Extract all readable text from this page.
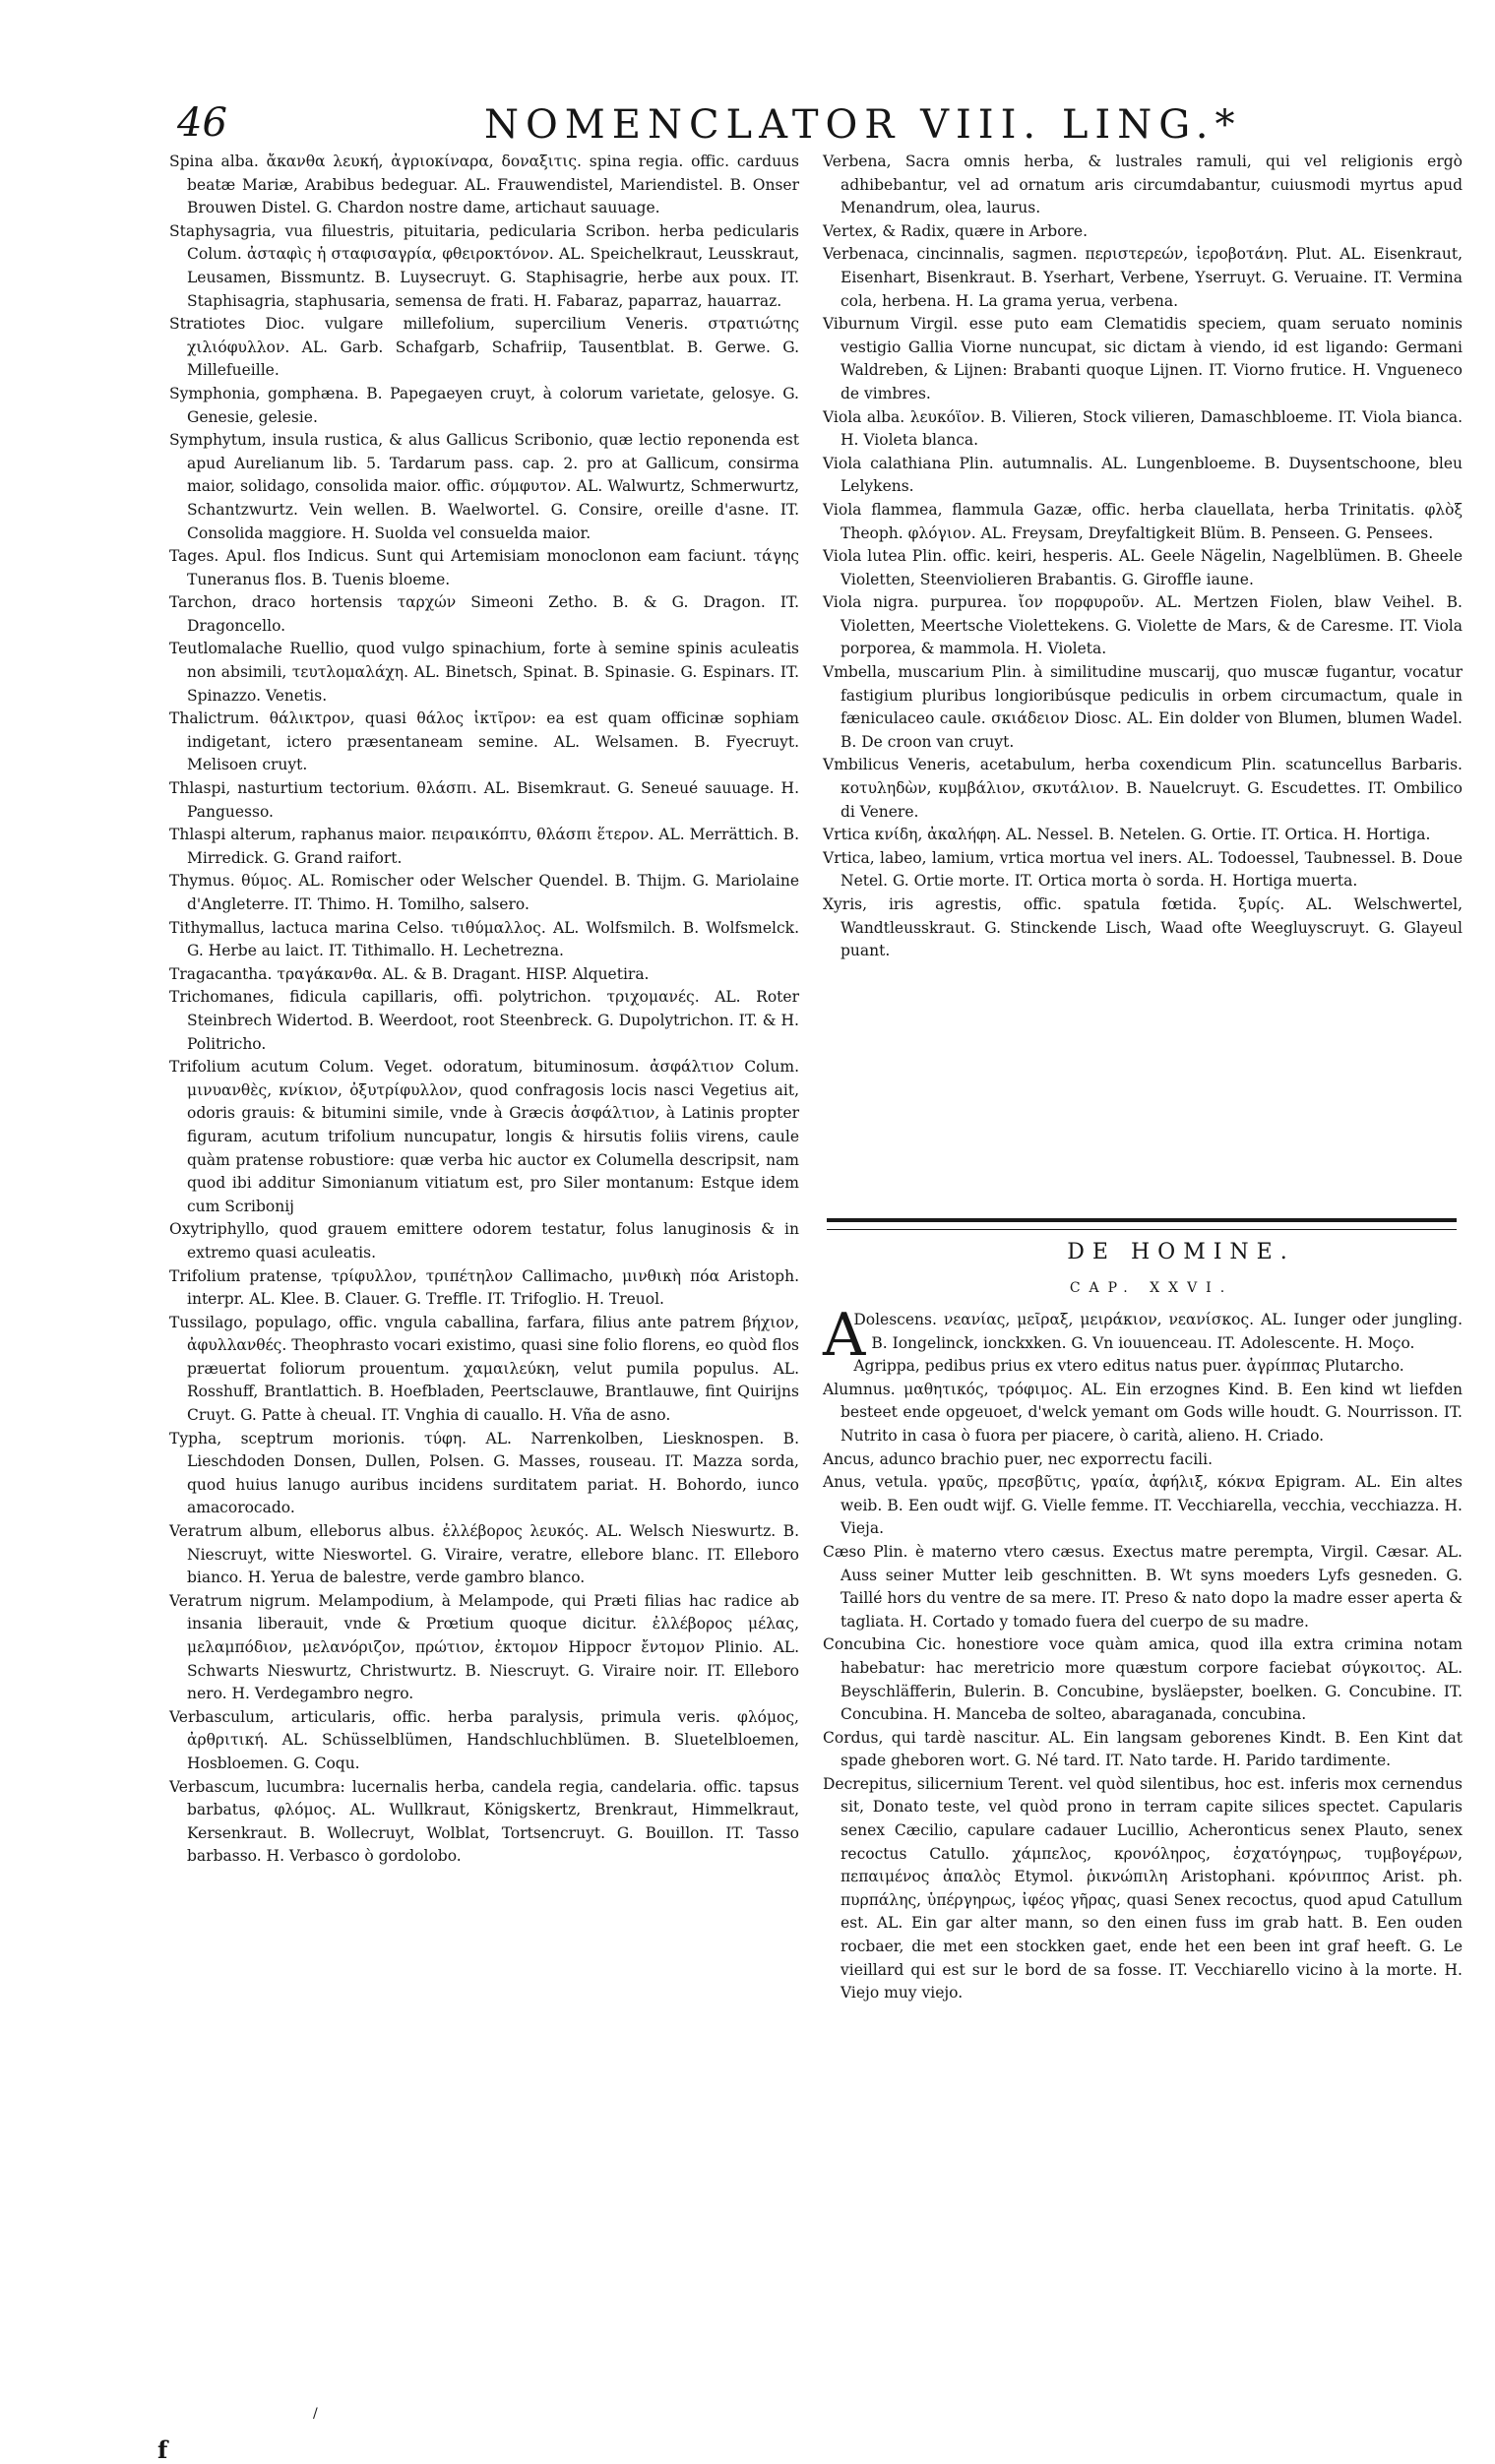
46	NOMENCLATOR VIII. LING.*

Spina alba. ἄκανθα λευκή, ἀγριοκίναρα, δοναξιτις. spina regia. offic. carduus beatæ Mariæ, Arabibus bedeguar. AL. Frauwendistel, Mariendistel. B. Onser Brouwen Distel. G. Chardon nostre dame, artichaut sauuage.

Staphysagria, vua filuestris, pituitaria, pedicularia Scribon. herba pedicularis Colum. ἀσταφὶς ἡ σταφισαγρία, φθειροκτόνον. AL. Speichelkraut, Leusskraut, Leusamen, Bissmuntz. B. Luysecruyt. G. Staphisagrie, herbe aux poux. IT. Staphisagria, staphusaria, semensa de frati. H. Fabaraz, paparraz, hauarraz.

Stratiotes Dioc. vulgare millefolium, supercilium Veneris. στρατιώτης χιλιόφυλλον. AL. Garb. Schafgarb, Schafriip, Tausentblat. B. Gerwe. G. Millefueille.

Symphonia, gomphæna. B. Papegaeyen cruyt, à colorum varietate, gelosye. G. Genesie, gelesie.

Symphytum, insula rustica, & alus Gallicus Scribonio, quæ lectio reponenda est apud Aurelianum lib. 5. Tardarum pass. cap. 2. pro at Gallicum, consirma maior, solidago, consolida maior. offic. σύμφυτον. AL. Walwurtz, Schmerwurtz, Schantzwurtz. Vein wellen. B. Waelwortel. G. Consire, oreille d'asne. IT. Consolida maggiore. H. Suolda vel consuelda maior.

Tages. Apul. flos Indicus. Sunt qui Artemisiam monoclonon eam faciunt. τάγης Tuneranus flos. B. Tuenis bloeme.

Tarchon, draco hortensis ταρχών Simeoni Zetho. B. & G. Dragon. IT. Dragoncello.

Teutlomalache Ruellio, quod vulgo spinachium, forte à semine spinis aculeatis non absimili, τευτλομαλάχη. AL. Binetsch, Spinat. B. Spinasie. G. Espinars. IT. Spinazzo. Venetis.

Thalictrum. θάλικτρον, quasi θάλος ἰκτῖρον: ea est quam officinæ sophiam indigetant, ictero præsentaneam semine. AL. Welsamen. B. Fyecruyt. Melisoen cruyt.

Thlaspi, nasturtium tectorium. θλάσπι. AL. Bisemkraut. G. Seneué sauuage. H. Panguesso.

Thlaspi alterum, raphanus maior. πειραικόπτυ, θλάσπι ἕτερον. AL. Merrättich. B. Mirredick. G. Grand raifort.

Thymus. θύμος. AL. Romischer oder Welscher Quendel. B. Thijm. G. Mariolaine d'Angleterre. IT. Thimo. H. Tomilho, salsero.

Tithymallus, lactuca marina Celso. τιθύμαλλος. AL. Wolfsmilch. B. Wolfsmelck. G. Herbe au laict. IT. Tithimallo. H. Lechetrezna.

Tragacantha. τραγάκανθα. AL. & B. Dragant. HISP. Alquetira.

Trichomanes, fidicula capillaris, offi. polytrichon. τριχομανές. AL. Roter Steinbrech Widertod. B. Weerdoot, root Steenbreck. G. Dupolytrichon. IT. & H. Politricho.

Trifolium acutum Colum. Veget. odoratum, bituminosum. ἀσφάλτιον Colum. μινυανθὲς, κνίκιον, ὀξυτρίφυλλον, quod confragosis locis nasci Vegetius ait, odoris grauis: & bitumini simile, vnde à Græcis ἀσφάλτιον, à Latinis propter figuram, acutum trifolium nuncupatur, longis & hirsutis foliis virens, caule quàm pratense robustiore: quæ verba hic auctor ex Columella descripsit, nam quod ibi additur Simonianum vitiatum est, pro Siler montanum: Estque idem cum Scribonij

Oxytriphyllo, quod grauem emittere odorem testatur, folus lanuginosis & in extremo quasi aculeatis.

Trifolium pratense, τρίφυλλον, τριπέτηλον Callimacho, μινθικὴ πόα Aristoph. interpr. AL. Klee. B. Clauer. G. Treffle. IT. Trifoglio. H. Treuol.

Tussilago, populago, offic. vngula caballina, farfara, filius ante patrem βήχιον, ἀφυλλανθές. Theophrasto vocari existimo, quasi sine folio florens, eo quòd flos præuertat foliorum prouentum. χαμαιλεύκη, velut pumila populus. AL. Rosshuff, Brantlattich. B. Hoefbladen, Peertsclauwe, Brantlauwe, fint Quirijns Cruyt. G. Patte à cheual. IT. Vnghia di cauallo. H. Vña de asno.

Typha, sceptrum morionis. τύφη. AL. Narrenkolben, Liesknospen. B. Lieschdoden Donsen, Dullen, Polsen. G. Masses, rouseau. IT. Mazza sorda, quod huius lanugo auribus incidens surditatem pariat. H. Bohordo, iunco amacorocado.

Veratrum album, elleborus albus. ἐλλέβορος λευκός. AL. Welsch Nieswurtz. B. Niescruyt, witte Nieswortel. G. Viraire, veratre, ellebore blanc. IT. Elleboro bianco. H. Yerua de balestre, verde gambro blanco.

Veratrum nigrum. Melampodium, à Melampode, qui Præti filias hac radice ab insania liberauit, vnde & Prœtium quoque dicitur. ἐλλέβορος μέλας, μελαμπόδιον, μελανόριζον, πρώτιον, ἐκτομον Hippocr ἔντομον Plinio. AL. Schwarts Nieswurtz, Christwurtz. B. Niescruyt. G. Viraire noir. IT. Elleboro nero. H. Verdegambro negro.

Verbasculum, articularis, offic. herba paralysis, primula veris. φλόμος, ἀρθριτική. AL. Schüsselblümen, Handschluchblümen. B. Sluetelbloemen, Hosbloemen. G. Coqu.

Verbascum, lucumbra: lucernalis herba, candela regia, candelaria. offic. tapsus barbatus, φλόμος. AL. Wullkraut, Königskertz, Brenkraut, Himmelkraut, Kersenkraut. B. Wollecruyt, Wolblat, Tortsencruyt. G. Bouillon. IT. Tasso barbasso. H. Verbasco ò gordolobo.

Verbena, Sacra omnis herba, & lustrales ramuli, qui vel religionis ergò adhibebantur, vel ad ornatum aris circumdabantur, cuiusmodi myrtus apud Menandrum, olea, laurus.

Vertex, & Radix, quære in Arbore.

Verbenaca, cincinnalis, sagmen. περιστερεών, ἱεροβοτάνη. Plut. AL. Eisenkraut, Eisenhart, Bisenkraut. B. Yserhart, Verbene, Yserruyt. G. Veruaine. IT. Vermina cola, herbena. H. La grama yerua, verbena.

Viburnum Virgil. esse puto eam Clematidis speciem, quam seruato nominis vestigio Gallia Viorne nuncupat, sic dictam à viendo, id est ligando: Germani Waldreben, & Lijnen: Brabanti quoque Lijnen. IT. Viorno frutice. H. Vngueneco de vimbres.

Viola alba. λευκόϊον. B. Vilieren, Stock vilieren, Damaschbloeme. IT. Viola bianca. H. Violeta blanca.

Viola calathiana Plin. autumnalis. AL. Lungenbloeme. B. Duysentschoone, bleu Lelykens.

Viola flammea, flammula Gazæ, offic. herba clauellata, herba Trinitatis. φλὸξ Theoph. φλόγιον. AL. Freysam, Dreyfaltigkeit Blüm. B. Penseen. G. Pensees.

Viola lutea Plin. offic. keiri, hesperis. AL. Geele Nägelin, Nagelblümen. B. Gheele Violetten, Steenviolieren Brabantis. G. Giroffle iaune.

Viola nigra. purpurea. ἴον πορφυροῦν. AL. Mertzen Fiolen, blaw Veihel. B. Violetten, Meertsche Violettekens. G. Violette de Mars, & de Caresme. IT. Viola porporea, & mammola. H. Violeta.

Vmbella, muscarium Plin. à similitudine muscarij, quo muscæ fugantur, vocatur fastigium pluribus longioribúsque pediculis in orbem circumactum, quale in fæniculaceo caule. σκιάδειον Diosc. AL. Ein dolder von Blumen, blumen Wadel. B. De croon van cruyt.

Vmbilicus Veneris, acetabulum, herba coxendicum Plin. scatuncellus Barbaris. κοτυληδὼν, κυμβάλιον, σκυτάλιον. B. Nauelcruyt. G. Escudettes. IT. Ombilico di Venere.

Vrtica κνίδη, ἀκαλήφη. AL. Nessel. B. Netelen. G. Ortie. IT. Ortica. H. Hortiga.

Vrtica, labeo, lamium, vrtica mortua vel iners. AL. Todoessel, Taubnessel. B. Doue Netel. G. Ortie morte. IT. Ortica morta ò sorda. H. Hortiga muerta.

Xyris, iris agrestis, offic. spatula fœtida. ξυρίς. AL. Welschwertel, Wandtleusskraut. G. Stinckende Lisch, Waad ofte Weegluyscruyt. G. Glayeul puant.

DE HOMINE.
CAP. XXVI.

A
Dolescens. νεανίας, μεῖραξ, μειράκιον, νεανίσκος. AL. Iunger oder jungling. B. Iongelinck, ionckxken. G. Vn iouuenceau. IT. Adolescente. H. Moço.

Agrippa, pedibus prius ex vtero editus natus puer. ἀγρίππας Plutarcho.

Alumnus. μαθητικός, τρόφιμος. AL. Ein erzognes Kind. B. Een kind wt liefden besteet ende opgeuoet, d'welck yemant om Gods wille houdt. G. Nourrisson. IT. Nutrito in casa ò fuora per piacere, ò carità, alieno. H. Criado.

Ancus, adunco brachio puer, nec exporrectu facili.

Anus, vetula. γραῦς, πρεσβῦτις, γραία, ἀφήλιξ, κόκνα Epigram. AL. Ein altes weib. B. Een oudt wijf. G. Vielle femme. IT. Vecchiarella, vecchia, vecchiazza. H. Vieja.

Cæso Plin. è materno vtero cæsus. Exectus matre perempta, Virgil. Cæsar. AL. Auss seiner Mutter leib geschnitten. B. Wt syns moeders Lyfs gesneden. G. Taillé hors du ventre de sa mere. IT. Preso & nato dopo la madre esser aperta & tagliata. H. Cortado y tomado fuera del cuerpo de su madre.

Concubina Cic. honestiore voce quàm amica, quod illa extra crimina notam habebatur: hac meretricio more quæstum corpore faciebat σύγκοιτος. AL. Beyschläfferin, Bulerin. B. Concubine, bysläepster, boelken. G. Concubine. IT. Concubina. H. Manceba de solteo, abaraganada, concubina.

Cordus, qui tardè nascitur. AL. Ein langsam geborenes Kindt. B. Een Kint dat spade gheboren wort. G. Né tard. IT. Nato tarde. H. Parido tardimente.

Decrepitus, silicernium Terent. vel quòd silentibus, hoc est. inferis mox cernendus sit, Donato teste, vel quòd prono in terram capite silices spectet. Capularis senex Cæcilio, capulare cadauer Lucillio, Acheronticus senex Plauto, senex recoctus Catullo. χάμπελος, κρονόληρος, ἐσχατόγηρως, τυμβογέρων, πεπαιμένος ἀπαλὸς Etymol. ῥικνώπιλη Aristophani. κρόνιππος Arist. ph. πυρπάλης, ὑπέργηρως, ἰφέος γῆρας, quasi Senex recoctus, quod apud Catullum est. AL. Ein gar alter mann, so den einen fuss im grab hatt. B. Een ouden rocbaer, die met een stockken gaet, ende het een been int graf heeft. G. Le vieillard qui est sur le bord de sa fosse. IT. Vecchiarello vicino à la morte. H. Viejo muy viejo.

/
f
